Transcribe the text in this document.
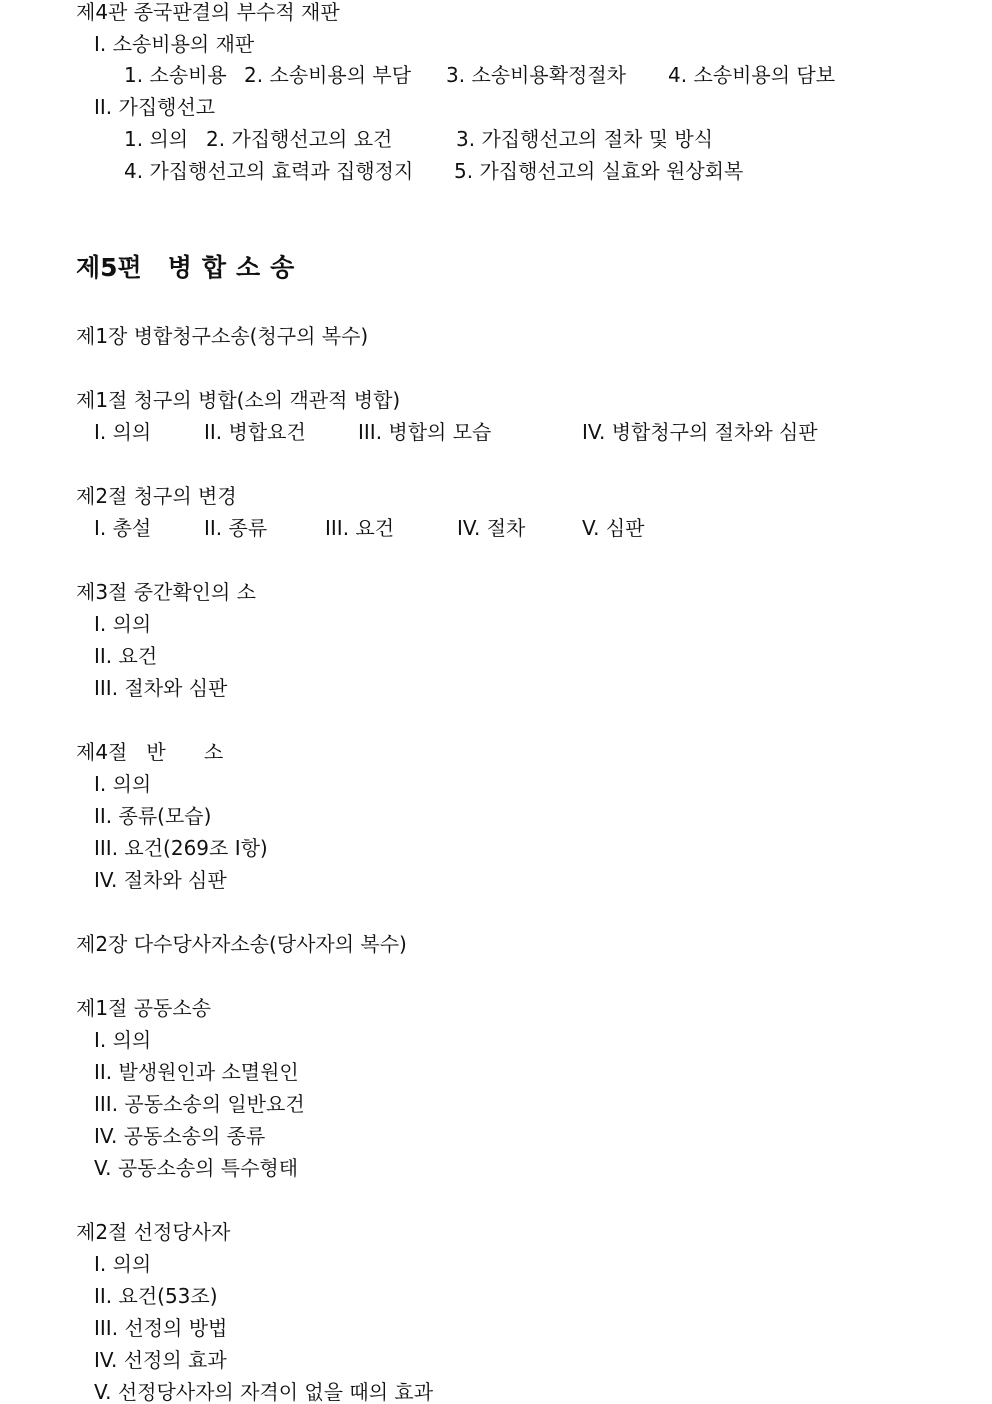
제4관 종국판결의 부수적 재판

I. 소송비용의 재판

1. 소송비용 2. 소송비용의 부담 3. 소송비용확정절차 4. 소송비용의 담보

II. 가집행선고

1. 의의 2. 가집행선고의 요건	3. 가집행선고의 절차 및 방식
4. 가집행선고의 효력과 집행정지 5. 가집행선고의 실효와 원상회복

제5편 병합소송

제1장 병합청구소송(청구의 복수)

제1절 청구의 병합(소의 객관적 병합)

I. 의의	II. 병합요건	III. 병합의 모습	IV. 병합청구의 절차와 심판

제2절 청구의 변경

I. 총설	II. 종류	III. 요건	IV. 절차	V. 심판

제3절 중간확인의 소

I. 의의

II. 요건

III. 절차와 심판

제4절   반      소

I. 의의

II. 종류(모습)

III. 요건(269조 I항)

IV. 절차와 심판

제2장 다수당사자소송(당사자의 복수)

제1절 공동소송

I. 의의

II. 발생원인과 소멸원인

III. 공동소송의 일반요건

IV. 공동소송의 종류

V. 공동소송의 특수형태

제2절 선정당사자

I. 의의

II. 요건(53조)

III. 선정의 방법

IV. 선정의 효과

V. 선정당사자의 자격이 없을 때의 효과
